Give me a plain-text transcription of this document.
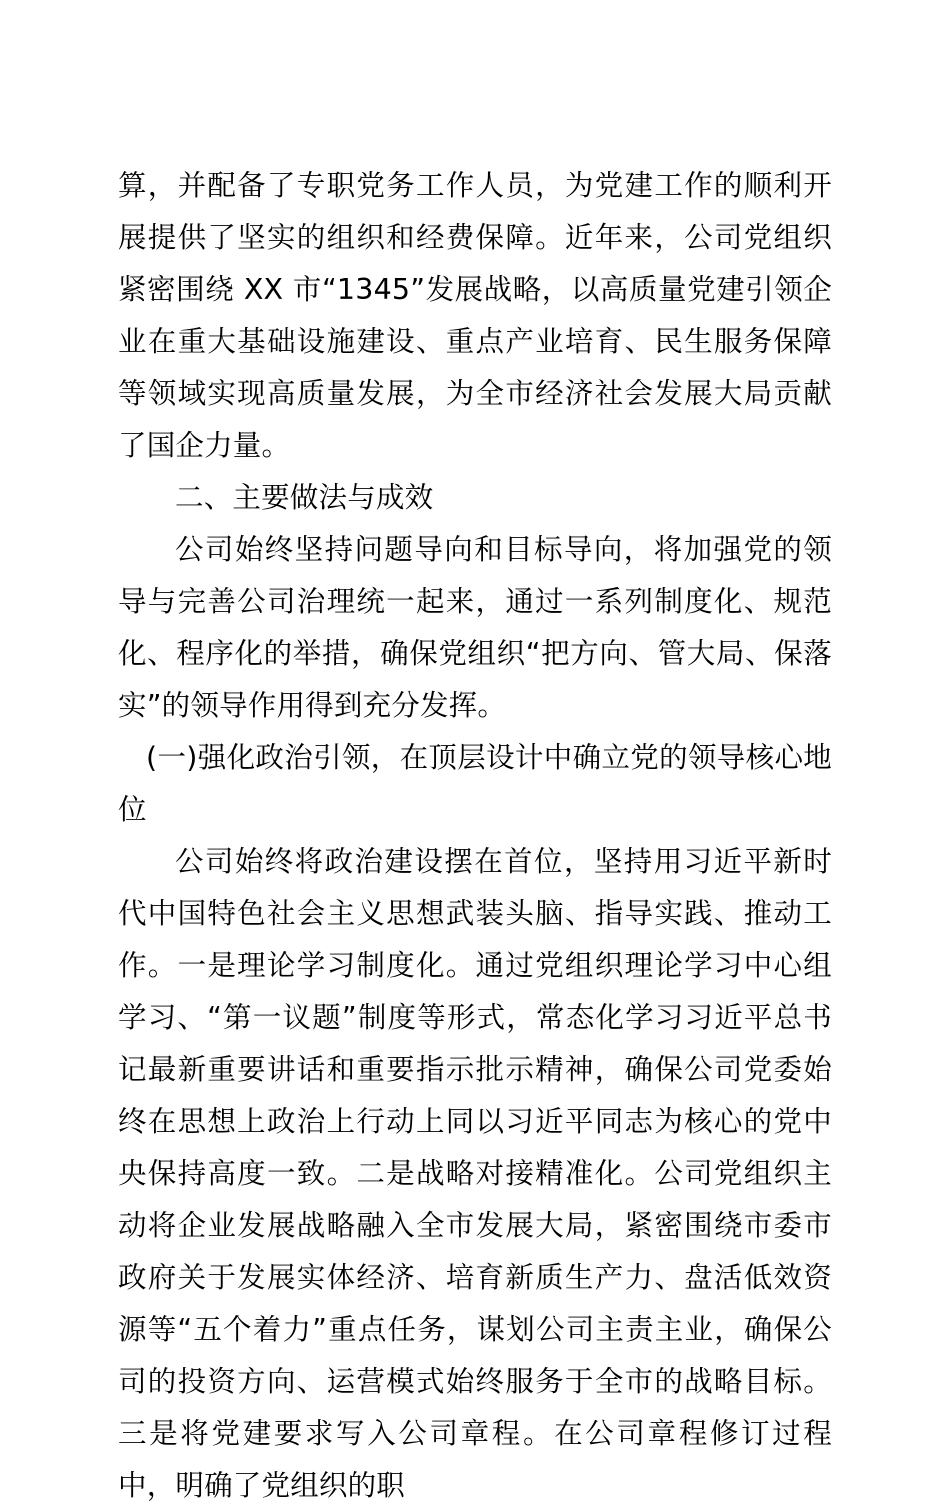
算，并配备了专职党务工作人员，为党建工作的顺利开展提供了坚实的组织和经费保障。近年来，公司党组织紧密围绕 XX 市“1345”发展战略，以高质量党建引领企业在重大基础设施建设、重点产业培育、民生服务保障等领域实现高质量发展，为全市经济社会发展大局贡献了国企力量。

二、主要做法与成效

公司始终坚持问题导向和目标导向，将加强党的领导与完善公司治理统一起来，通过一系列制度化、规范化、程序化的举措，确保党组织“把方向、管大局、保落实”的领导作用得到充分发挥。

(一)强化政治引领，在顶层设计中确立党的领导核心地位

公司始终将政治建设摆在首位，坚持用习近平新时代中国特色社会主义思想武装头脑、指导实践、推动工作。一是理论学习制度化。通过党组织理论学习中心组学习、“第一议题”制度等形式，常态化学习习近平总书记最新重要讲话和重要指示批示精神，确保公司党委始终在思想上政治上行动上同以习近平同志为核心的党中央保持高度一致。二是战略对接精准化。公司党组织主动将企业发展战略融入全市发展大局，紧密围绕市委市政府关于发展实体经济、培育新质生产力、盘活低效资源等“五个着力”重点任务，谋划公司主责主业，确保公司的投资方向、运营模式始终服务于全市的战略目标。三是将党建要求写入公司章程。在公司章程修订过程中，明确了党组织的职
